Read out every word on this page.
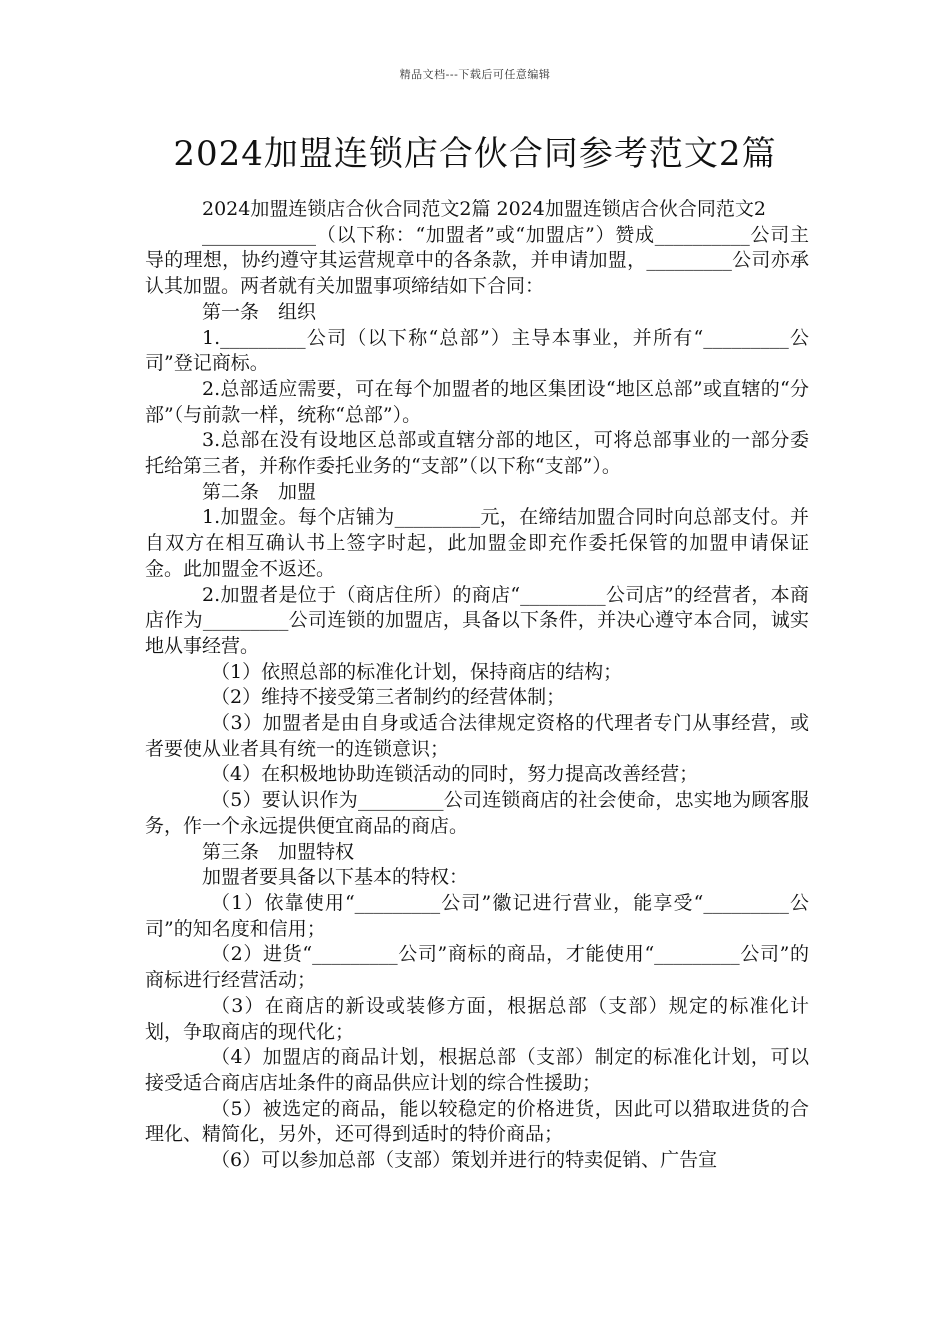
精品文档---下载后可任意编辑
2024加盟连锁店合伙合同参考范文2篇

2024加盟连锁店合伙合同范文2篇 2024加盟连锁店合伙合同范文2

____________（以下称：“加盟者”或“加盟店”）赞成__________公司主导的理想，协约遵守其运营规章中的各条款，并申请加盟，_________公司亦承认其加盟。两者就有关加盟事项缔结如下合同：

第一条　组织

1._________公司（以下称“总部”）主导本事业，并所有“_________公司”登记商标。

2.总部适应需要，可在每个加盟者的地区集团设“地区总部”或直辖的“分部”（与前款一样，统称“总部”）。

3.总部在没有设地区总部或直辖分部的地区，可将总部事业的一部分委托给第三者，并称作委托业务的“支部”（以下称“支部”）。

第二条　加盟

1.加盟金。每个店铺为_________元，在缔结加盟合同时向总部支付。并自双方在相互确认书上签字时起，此加盟金即充作委托保管的加盟申请保证金。此加盟金不返还。

2.加盟者是位于（商店住所）的商店“_________公司店”的经营者，本商店作为_________公司连锁的加盟店，具备以下条件，并决心遵守本合同，诚实地从事经营。

（1）依照总部的标准化计划，保持商店的结构；

（2）维持不接受第三者制约的经营体制；

（3）加盟者是由自身或适合法律规定资格的代理者专门从事经营，或者要使从业者具有统一的连锁意识；

（4）在积极地协助连锁活动的同时，努力提高改善经营；

（5）要认识作为_________公司连锁商店的社会使命，忠实地为顾客服务，作一个永远提供便宜商品的商店。

第三条　加盟特权

加盟者要具备以下基本的特权：

（1）依靠使用“_________公司”徽记进行营业，能享受“_________公司”的知名度和信用；

（2）进货“_________公司”商标的商品，才能使用“_________公司”的商标进行经营活动；

（3）在商店的新设或装修方面，根据总部（支部）规定的标准化计划，争取商店的现代化；

（4）加盟店的商品计划，根据总部（支部）制定的标准化计划，可以接受适合商店店址条件的商品供应计划的综合性援助；

（5）被选定的商品，能以较稳定的价格进货，因此可以猎取进货的合理化、精简化，另外，还可得到适时的特价商品；

（6）可以参加总部（支部）策划并进行的特卖促销、广告宣
